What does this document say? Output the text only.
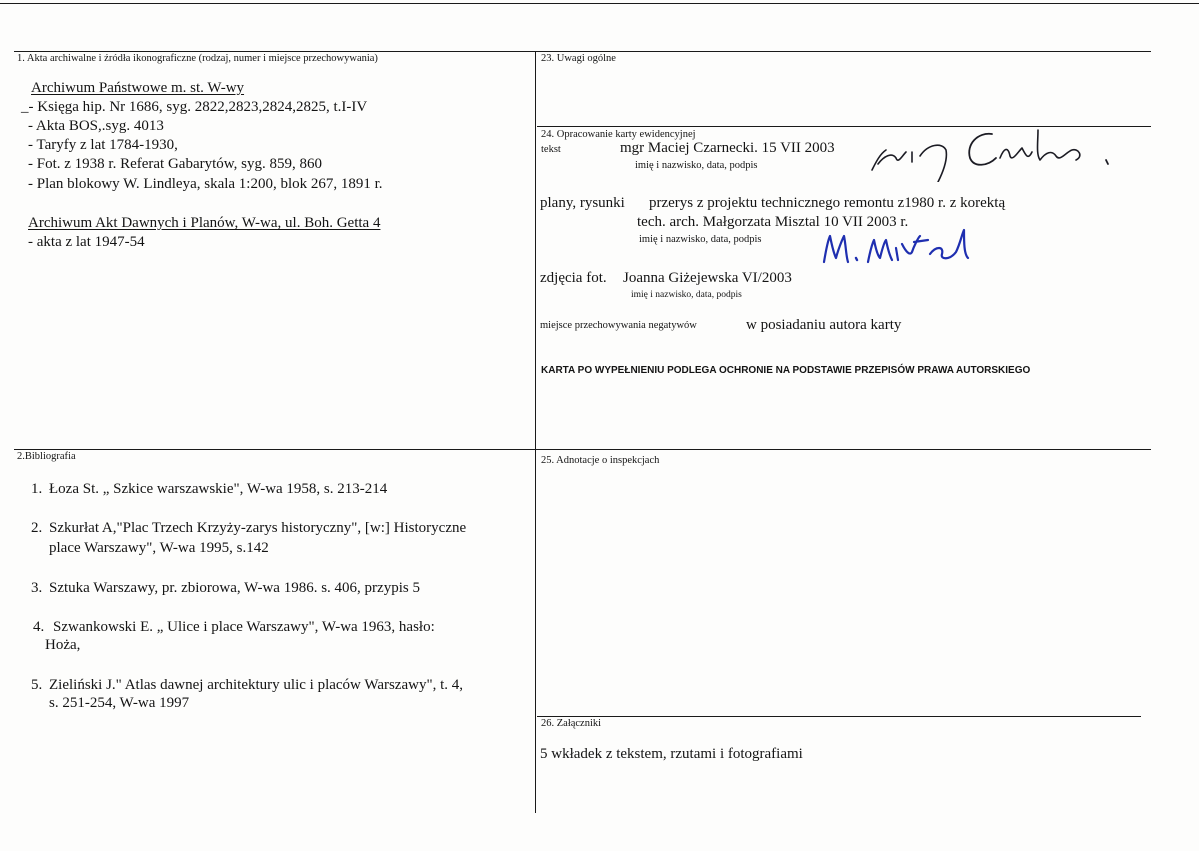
1. Akta archiwalne i źródła ikonograficzne (rodzaj, numer i miejsce przechowywania)
Archiwum Państwowe m. st. W-wy
_- Księga hip. Nr 1686, syg. 2822,2823,2824,2825, t.I-IV
- Akta BOS,.syg. 4013
- Taryfy z lat 1784-1930,
- Fot. z 1938 r. Referat Gabarytów, syg. 859, 860
- Plan blokowy W. Lindleya, skala 1:200, blok 267, 1891 r.
Archiwum Akt Dawnych i Planów, W-wa, ul. Boh. Getta 4
- akta z lat 1947-54
23. Uwagi ogólne
24. Opracowanie karty ewidencyjnej
tekst	mgr Maciej Czarnecki. 15 VII 2003
imię i nazwisko, data, podpis
plany, rysunki przerys z projektu technicznego remontu z1980 r. z korektą
tech. arch. Małgorzata Misztal 10 VII 2003 r.
imię i nazwisko, data, podpis
zdjęcia fot. Joanna Giżejewska VI/2003
imię i nazwisko, data, podpis
miejsce przechowywania negatywów	w posiadaniu autora karty
KARTA PO WYPEŁNIENIU PODLEGA OCHRONIE NA PODSTAWIE PRZEPISÓW PRAWA AUTORSKIEGO
2.Bibliografia
1. Łoza St. „ Szkice warszawskie", W-wa 1958, s. 213-214
2. Szkurłat A,"Plac Trzech Krzyży-zarys historyczny", [w:] Historyczne
place Warszawy", W-wa 1995, s.142
3. Sztuka Warszawy, pr. zbiorowa, W-wa 1986. s. 406, przypis 5
4. Szwankowski E. „ Ulice i place Warszawy", W-wa 1963, hasło:
Hoża,
5. Zieliński J." Atlas dawnej architektury ulic i placów Warszawy", t. 4,
s. 251-254, W-wa 1997
25. Adnotacje o inspekcjach
26. Załączniki
5 wkładek z tekstem, rzutami i fotografiami
